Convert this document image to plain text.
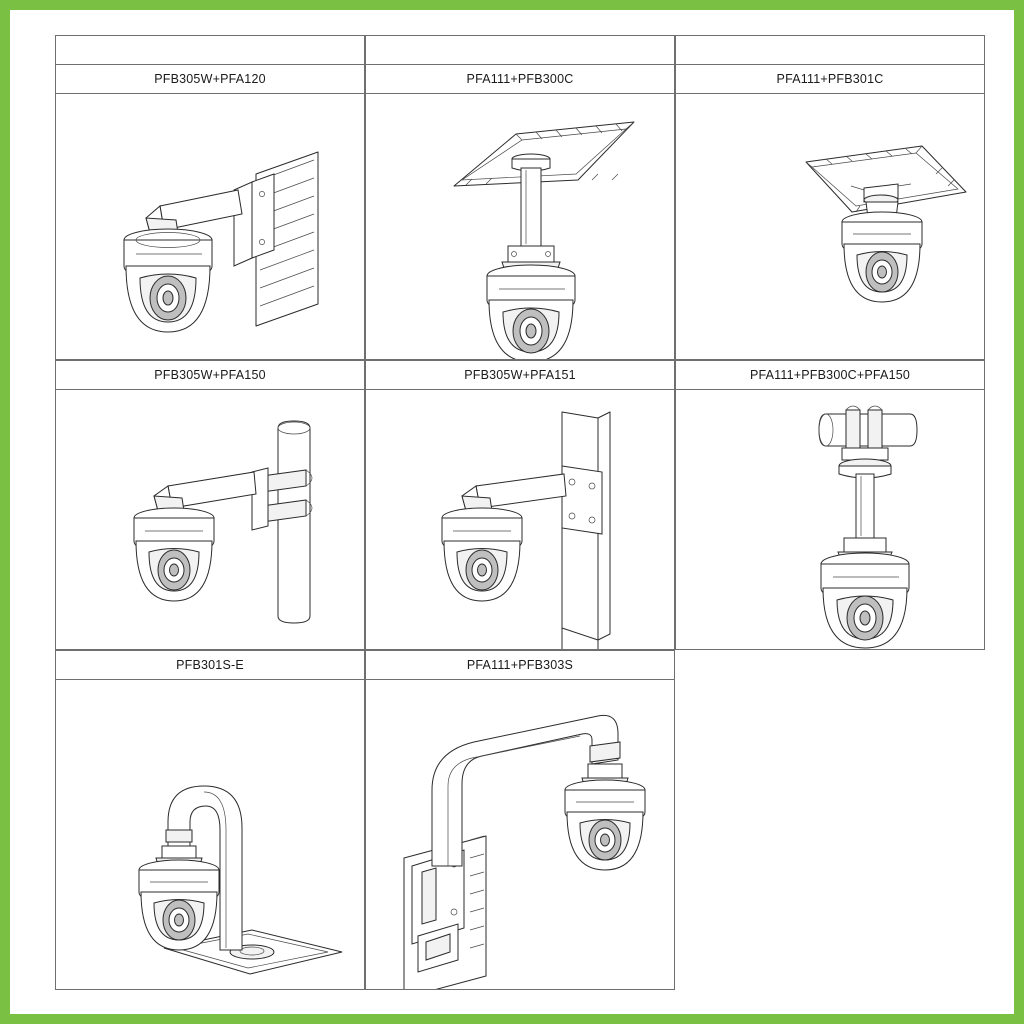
PFB305W+PFA120	PFA111+PFB300C	PFA111+PFB301C
PFB305W+PFA150	PFB305W+PFA151	PFA111+PFB300C+PFA150
PFB301S-E	PFA111+PFB303S
